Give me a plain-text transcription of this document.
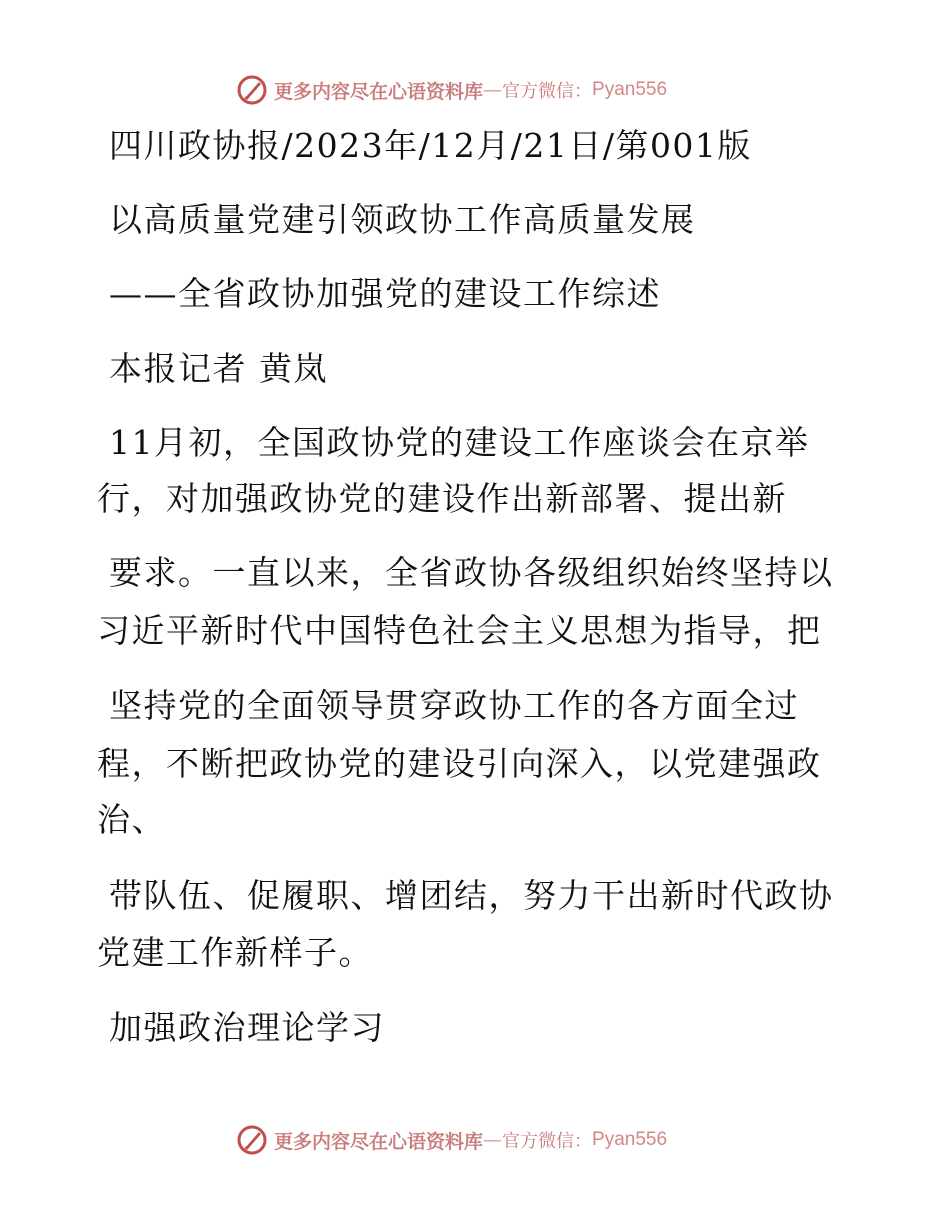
更多内容尽在心语资料库 — 官方微信： Pyan556
四川政协报/2023年/12月/21日/第001版
以高质量党建引领政协工作高质量发展
——全省政协加强党的建设工作综述
本报记者 黄岚
11月初，全国政协党的建设工作座谈会在京举
行，对加强政协党的建设作出新部署、提出新
要求。一直以来，全省政协各级组织始终坚持以
习近平新时代中国特色社会主义思想为指导，把
坚持党的全面领导贯穿政协工作的各方面全过
程，不断把政协党的建设引向深入，以党建强政
治、
带队伍、促履职、增团结，努力干出新时代政协
党建工作新样子。
加强政治理论学习
更多内容尽在心语资料库 — 官方微信： Pyan556
